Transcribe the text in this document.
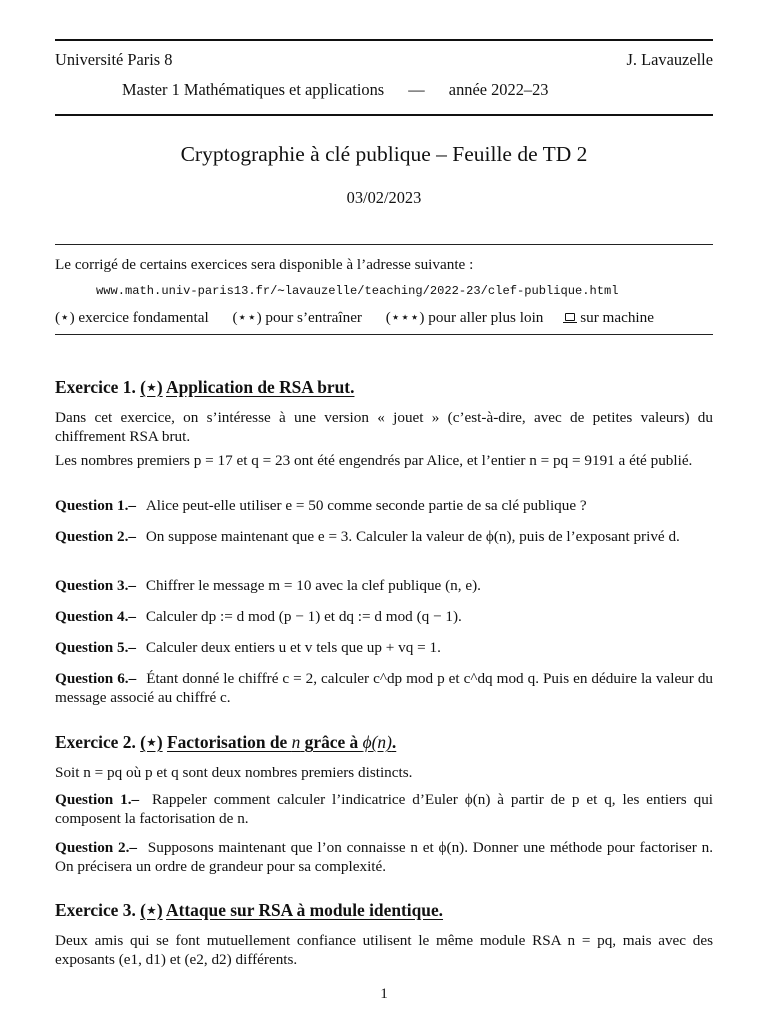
Université Paris 8	J. Lavauzelle
Master 1 Mathématiques et applications — année 2022–23
Cryptographie à clé publique – Feuille de TD 2
03/02/2023
Le corrigé de certains exercices sera disponible à l’adresse suivante :
www.math.univ-paris13.fr/∼lavauzelle/teaching/2022-23/clef-publique.html
(⋆) exercice fondamental (⋆⋆) pour s’entraîner (⋆⋆⋆) pour aller plus loin sur machine
Exercice 1. (⋆) Application de RSA brut.
Dans cet exercice, on s’intéresse à une version « jouet » (c’est-à-dire, avec de petites valeurs) du chiffrement RSA brut.
Les nombres premiers p = 17 et q = 23 ont été engendrés par Alice, et l’entier n = pq = 9191 a été publié.
Question 1.– Alice peut-elle utiliser e = 50 comme seconde partie de sa clé publique ?
Question 2.– On suppose maintenant que e = 3. Calculer la valeur de ϕ(n), puis de l’exposant privé d.
Question 3.– Chiffrer le message m = 10 avec la clef publique (n, e).
Question 4.– Calculer dp := d mod (p − 1) et dq := d mod (q − 1).
Question 5.– Calculer deux entiers u et v tels que up + vq = 1.
Question 6.– Étant donné le chiffré c = 2, calculer c^dp mod p et c^dq mod q. Puis en déduire la valeur du message associé au chiffré c.
Exercice 2. (⋆) Factorisation de n grâce à ϕ(n).
Soit n = pq où p et q sont deux nombres premiers distincts.
Question 1.– Rappeler comment calculer l’indicatrice d’Euler ϕ(n) à partir de p et q, les entiers qui composent la factorisation de n.
Question 2.– Supposons maintenant que l’on connaisse n et ϕ(n). Donner une méthode pour factoriser n. On précisera un ordre de grandeur pour sa complexité.
Exercice 3. (⋆) Attaque sur RSA à module identique.
Deux amis qui se font mutuellement confiance utilisent le même module RSA n = pq, mais avec des exposants (e1, d1) et (e2, d2) différents.
1
